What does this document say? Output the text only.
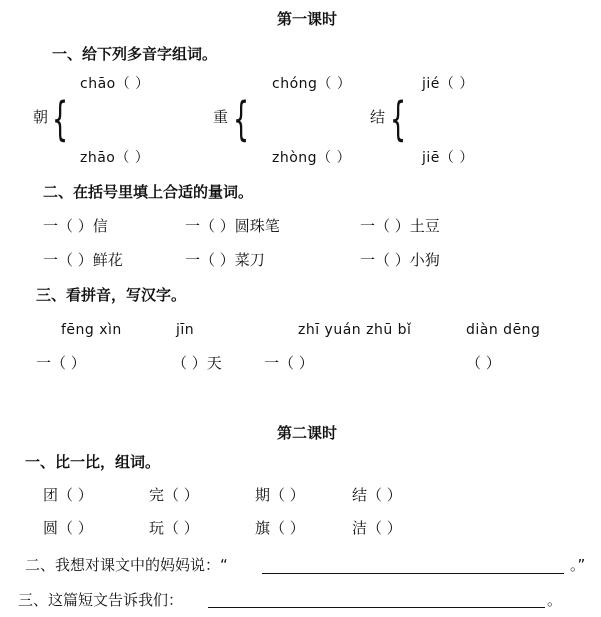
第一课时
一、给下列多音字组词。
chāo（ ）
朝 {
zhāo（ ）
chóng（ ）
重 {
zhòng（ ）
jié（ ）
结 {
jiē（ ）
二、在括号里填上合适的量词。
一（ ）信	一（ ）圆珠笔	一（ ）土豆
一（ ）鲜花	一（ ）菜刀	一（ ）小狗
三、看拼音，写汉字。
fēng xìn	jīn	zhī yuán zhū bǐ	diàn dēng
一（ ）	（ ）天	一（ ）	（ ）
第二课时
一、比一比，组词。
团（ ）	完（ ）	期（ ）	结（ ）
圆（ ）	玩（ ）	旗（ ）	洁（ ）
二、我想对课文中的妈妈说：“	。”
三、这篇短文告诉我们：	。
